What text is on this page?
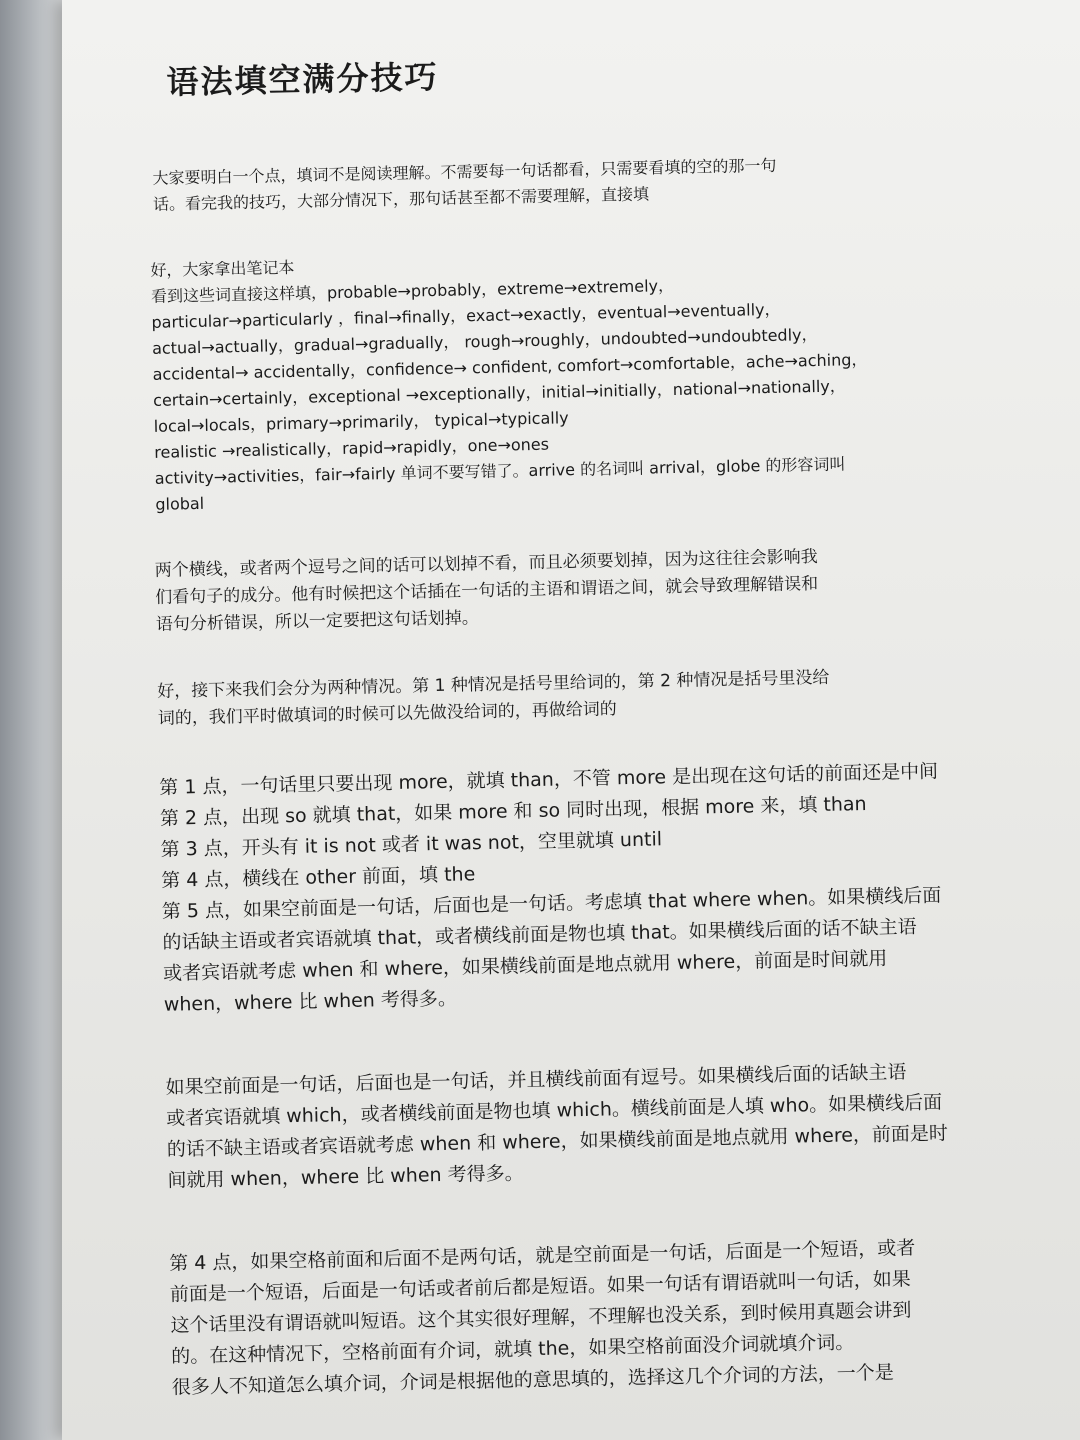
语法填空满分技巧
大家要明白一个点，填词不是阅读理解。不需要每一句话都看，只需要看填的空的那一句
话。看完我的技巧，大部分情况下，那句话甚至都不需要理解，直接填
好，大家拿出笔记本
看到这些词直接这样填，probable→probably，extreme→extremely，
particular→particularly ，final→finally，exact→exactly，eventual→eventually，
actual→actually，gradual→gradually， rough→roughly，undoubted→undoubtedly，
accidental→ accidentally，confidence→ confident, comfort→comfortable，ache→aching，
certain→certainly，exceptional →exceptionally，initial→initially，national→nationally，
local→locals，primary→primarily， typical→typically
realistic →realistically，rapid→rapidly，one→ones
activity→activities，fair→fairly 单词不要写错了。arrive 的名词叫 arrival，globe 的形容词叫
global
两个横线，或者两个逗号之间的话可以划掉不看，而且必须要划掉，因为这往往会影响我
们看句子的成分。他有时候把这个话插在一句话的主语和谓语之间，就会导致理解错误和
语句分析错误，所以一定要把这句话划掉。
好，接下来我们会分为两种情况。第 1 种情况是括号里给词的，第 2 种情况是括号里没给
词的，我们平时做填词的时候可以先做没给词的，再做给词的
第 1 点，一句话里只要出现 more，就填 than，不管 more 是出现在这句话的前面还是中间
第 2 点，出现 so 就填 that，如果 more 和 so 同时出现，根据 more 来，填 than
第 3 点，开头有 it is not 或者 it was not，空里就填 until
第 4 点，横线在 other 前面，填 the
第 5 点，如果空前面是一句话，后面也是一句话。考虑填 that where when。如果横线后面
的话缺主语或者宾语就填 that，或者横线前面是物也填 that。如果横线后面的话不缺主语
或者宾语就考虑 when 和 where，如果横线前面是地点就用 where，前面是时间就用
when，where 比 when 考得多。
如果空前面是一句话，后面也是一句话，并且横线前面有逗号。如果横线后面的话缺主语
或者宾语就填 which，或者横线前面是物也填 which。横线前面是人填 who。如果横线后面
的话不缺主语或者宾语就考虑 when 和 where，如果横线前面是地点就用 where，前面是时
间就用 when，where 比 when 考得多。
第 4 点，如果空格前面和后面不是两句话，就是空前面是一句话，后面是一个短语，或者
前面是一个短语，后面是一句话或者前后都是短语。如果一句话有谓语就叫一句话，如果
这个话里没有谓语就叫短语。这个其实很好理解，不理解也没关系，到时候用真题会讲到
的。在这种情况下，空格前面有介词，就填 the，如果空格前面没介词就填介词。
很多人不知道怎么填介词，介词是根据他的意思填的，选择这几个介词的方法，一个是
